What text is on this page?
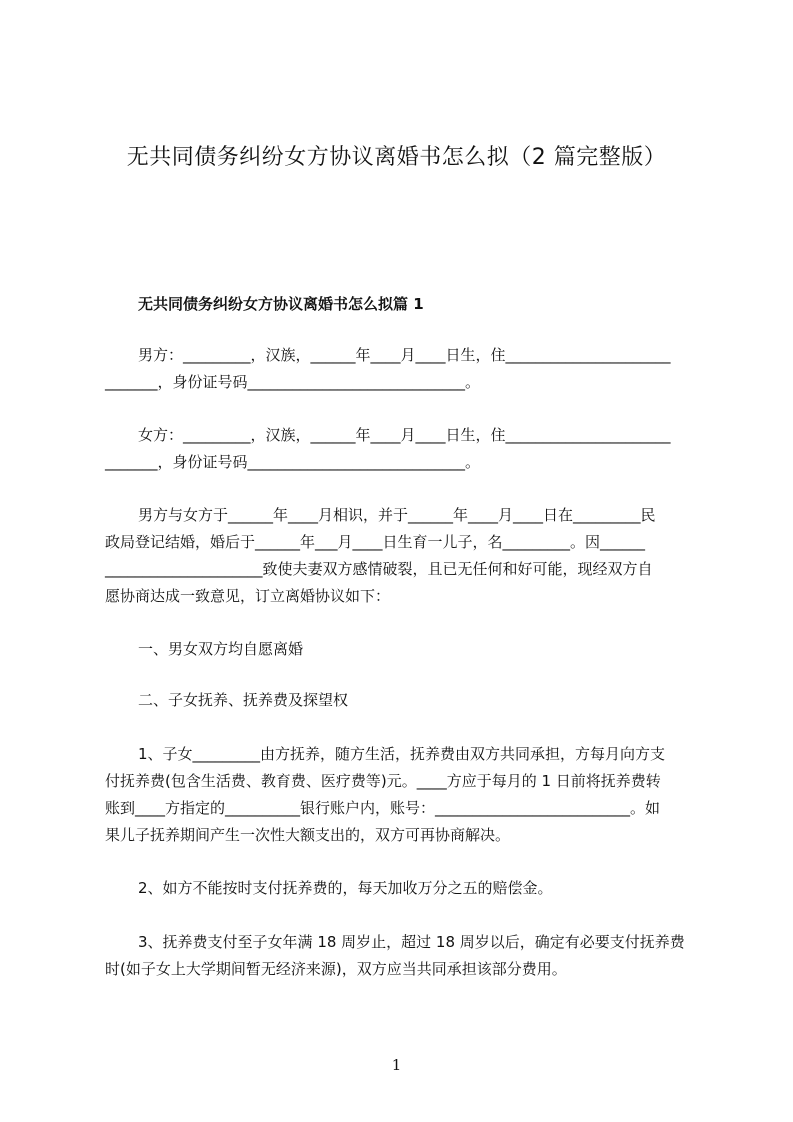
无共同债务纠纷女方协议离婚书怎么拟（2 篇完整版）
无共同债务纠纷女方协议离婚书怎么拟篇 1
男方：_________，汉族，______年____月____日生，住______________________
_______，身份证号码_____________________________。
女方：_________，汉族，______年____月____日生，住______________________
_______，身份证号码_____________________________。
男方与女方于______年____月相识，并于______年____月____日在_________民
政局登记结婚，婚后于______年___月____日生育一儿子，名_________。因______
_____________________致使夫妻双方感情破裂，且已无任何和好可能，现经双方自
愿协商达成一致意见，订立离婚协议如下：
一、男女双方均自愿离婚
二、子女抚养、抚养费及探望权
1、子女_________由方抚养，随方生活，抚养费由双方共同承担，方每月向方支
付抚养费(包含生活费、教育费、医疗费等)元。____方应于每月的 1 日前将抚养费转
账到____方指定的__________银行账户内，账号：__________________________。如
果儿子抚养期间产生一次性大额支出的，双方可再协商解决。
2、如方不能按时支付抚养费的，每天加收万分之五的赔偿金。
3、抚养费支付至子女年满 18 周岁止，超过 18 周岁以后，确定有必要支付抚养费
时(如子女上大学期间暂无经济来源)，双方应当共同承担该部分费用。
1
